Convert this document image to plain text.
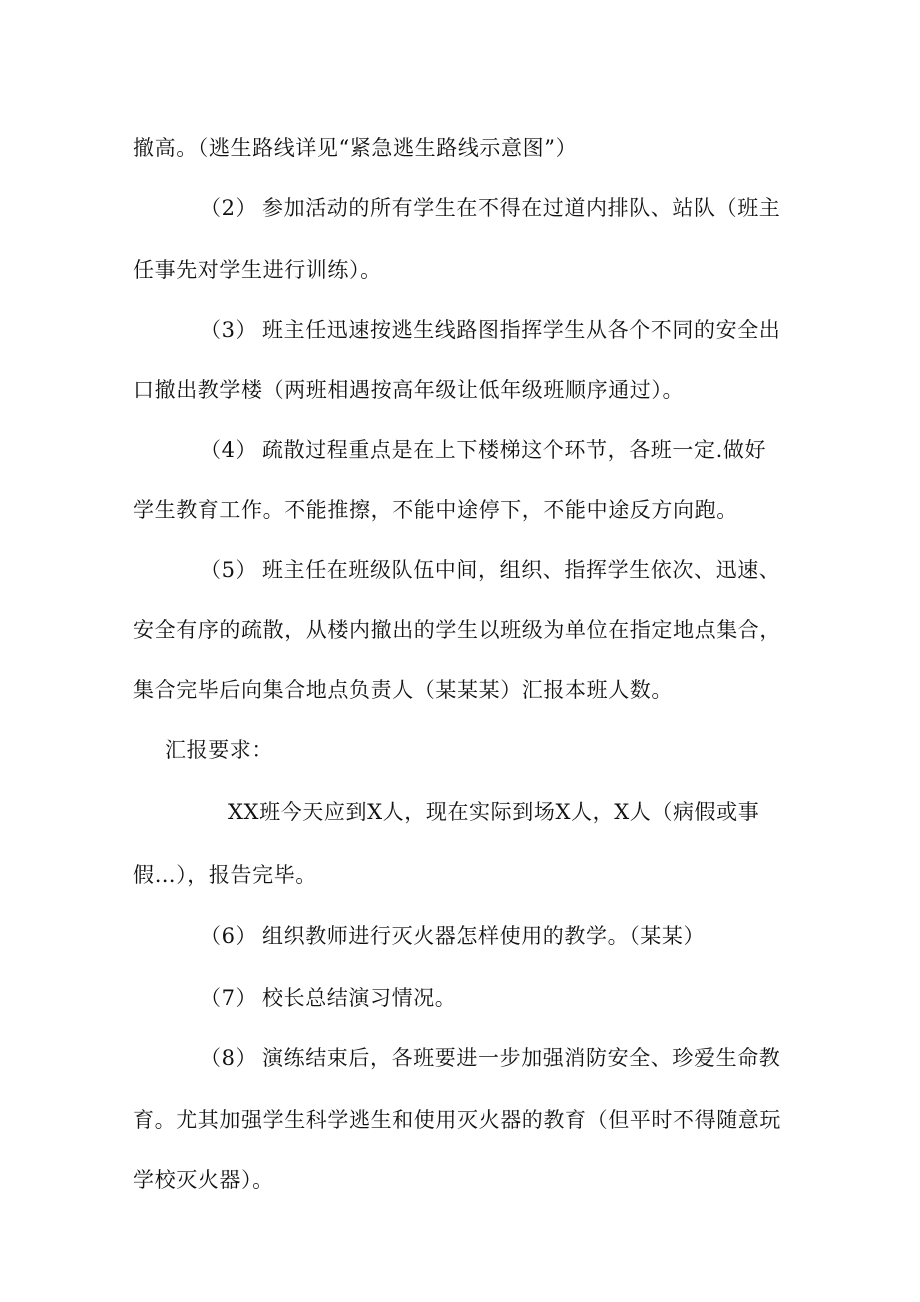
撤高。（逃生路线详见“紧急逃生路线示意图”）
（2） 参加活动的所有学生在不得在过道内排队、站队（班主
任事先对学生进行训练）。
（3） 班主任迅速按逃生线路图指挥学生从各个不同的安全出
口撤出教学楼（两班相遇按高年级让低年级班顺序通过）。
（4） 疏散过程重点是在上下楼梯这个环节，各班一定.做好
学生教育工作。不能推擦，不能中途停下，不能中途反方向跑。
（5） 班主任在班级队伍中间，组织、指挥学生依次、迅速、
安全有序的疏散，从楼内撤出的学生以班级为单位在指定地点集合，
集合完毕后向集合地点负责人（某某某）汇报本班人数。
汇报要求：
XX班今天应到X人，现在实际到场X人，X人（病假或事
假…），报告完毕。
（6） 组织教师进行灭火器怎样使用的教学。（某某）
（7） 校长总结演习情况。
（8） 演练结束后，各班要进一步加强消防安全、珍爱生命教
育。尤其加强学生科学逃生和使用灭火器的教育（但平时不得随意玩
学校灭火器）。
